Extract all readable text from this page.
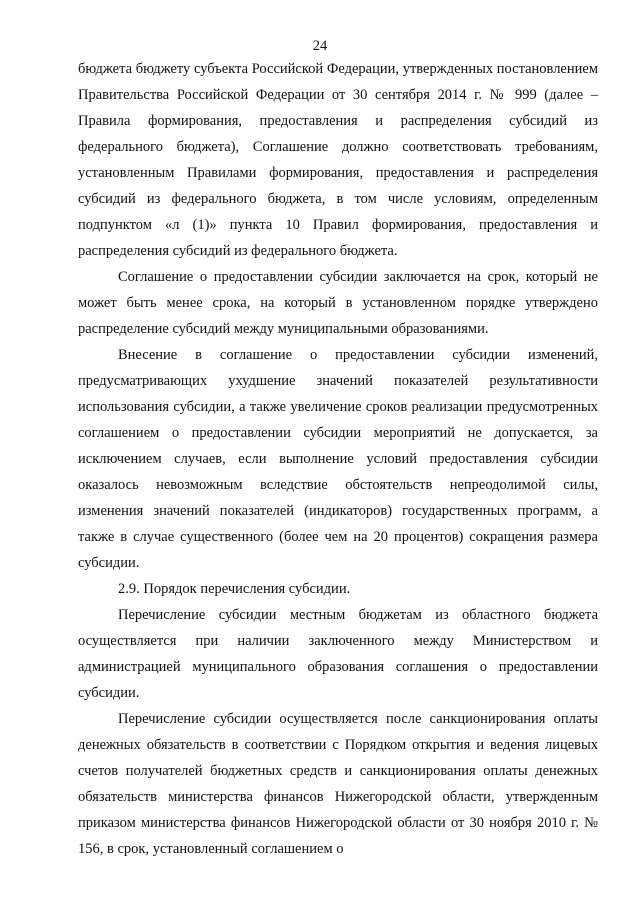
24

бюджета бюджету субъекта Российской Федерации, утвержденных постановлением Правительства Российской Федерации от 30 сентября 2014 г. № 999 (далее – Правила формирования, предоставления и распределения субсидий из федерального бюджета), Соглашение должно соответствовать требованиям, установленным Правилами формирования, предоставления и распределения субсидий из федерального бюджета, в том числе условиям, определенным подпунктом «л (1)» пункта 10 Правил формирования, предоставления и распределения субсидий из федерального бюджета.

Соглашение о предоставлении субсидии заключается на срок, который не может быть менее срока, на который в установленном порядке утверждено распределение субсидий между муниципальными образованиями.

Внесение в соглашение о предоставлении субсидии изменений, предусматривающих ухудшение значений показателей результативности использования субсидии, а также увеличение сроков реализации предусмотренных соглашением о предоставлении субсидии мероприятий не допускается, за исключением случаев, если выполнение условий предоставления субсидии оказалось невозможным вследствие обстоятельств непреодолимой силы, изменения значений показателей (индикаторов) государственных программ, а также в случае существенного (более чем на 20 процентов) сокращения размера субсидии.

2.9. Порядок перечисления субсидии.

Перечисление субсидии местным бюджетам из областного бюджета осуществляется при наличии заключенного между Министерством и администрацией муниципального образования соглашения о предоставлении субсидии.

Перечисление субсидии осуществляется после санкционирования оплаты денежных обязательств в соответствии с Порядком открытия и ведения лицевых счетов получателей бюджетных средств и санкционирования оплаты денежных обязательств министерства финансов Нижегородской области, утвержденным приказом министерства финансов Нижегородской области от 30 ноября 2010 г. № 156, в срок, установленный соглашением о
